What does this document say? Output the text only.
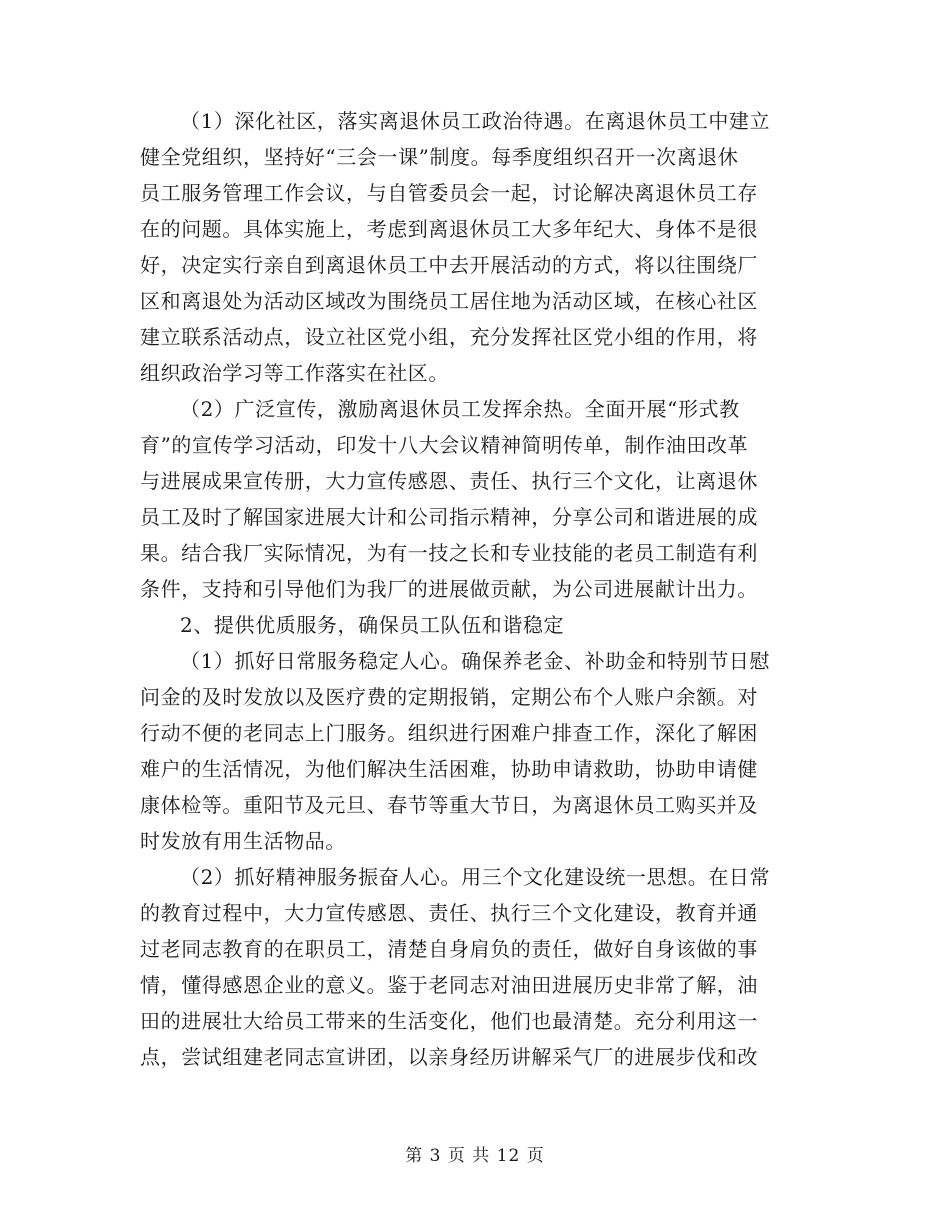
（1）深化社区，落实离退休员工政治待遇。在离退休员工中建立
健全党组织，坚持好“三会一课”制度。每季度组织召开一次离退休
员工服务管理工作会议，与自管委员会一起，讨论解决离退休员工存
在的问题。具体实施上，考虑到离退休员工大多年纪大、身体不是很
好，决定实行亲自到离退休员工中去开展活动的方式，将以往围绕厂
区和离退处为活动区域改为围绕员工居住地为活动区域，在核心社区
建立联系活动点，设立社区党小组，充分发挥社区党小组的作用，将
组织政治学习等工作落实在社区。
（2）广泛宣传，激励离退休员工发挥余热。全面开展“形式教
育”的宣传学习活动，印发十八大会议精神简明传单，制作油田改革
与进展成果宣传册，大力宣传感恩、责任、执行三个文化，让离退休
员工及时了解国家进展大计和公司指示精神，分享公司和谐进展的成
果。结合我厂实际情况，为有一技之长和专业技能的老员工制造有利
条件，支持和引导他们为我厂的进展做贡献，为公司进展献计出力。
2、提供优质服务，确保员工队伍和谐稳定
（1）抓好日常服务稳定人心。确保养老金、补助金和特别节日慰
问金的及时发放以及医疗费的定期报销，定期公布个人账户余额。对
行动不便的老同志上门服务。组织进行困难户排查工作，深化了解困
难户的生活情况，为他们解决生活困难，协助申请救助，协助申请健
康体检等。重阳节及元旦、春节等重大节日，为离退休员工购买并及
时发放有用生活物品。
（2）抓好精神服务振奋人心。用三个文化建设统一思想。在日常
的教育过程中，大力宣传感恩、责任、执行三个文化建设，教育并通
过老同志教育的在职员工，清楚自身肩负的责任，做好自身该做的事
情，懂得感恩企业的意义。鉴于老同志对油田进展历史非常了解，油
田的进展壮大给员工带来的生活变化，他们也最清楚。充分利用这一
点，尝试组建老同志宣讲团，以亲身经历讲解采气厂的进展步伐和改
第 3 页 共 12 页
